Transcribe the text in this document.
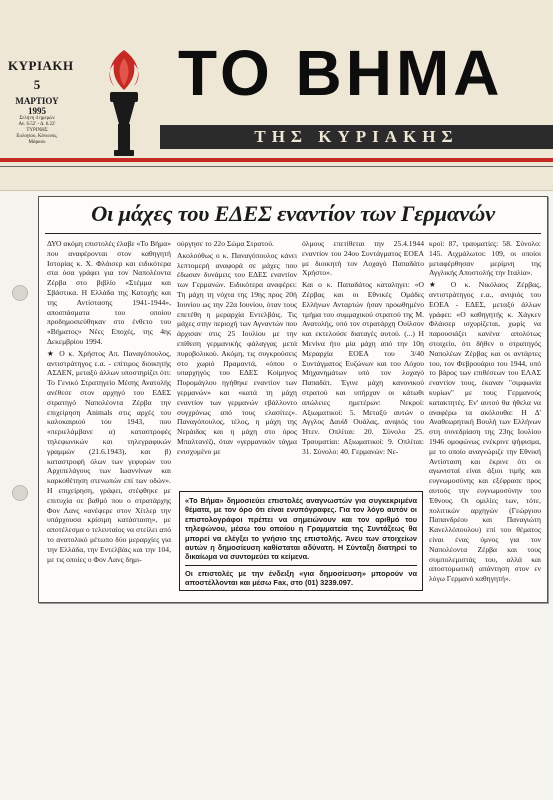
ΚΥΡΙΑΚΗ
5
ΜΑΡΤΙΟΥ 1995
Σελήνη 4 ημερών
Αν. 6.52' - Δ. 6.22'
ΤΥΡΙΝΗΣ
Ευλογίου, Κόνωνος, Μάρκου
ΤΟ ΒΗΜΑ
ΤΗΣ ΚΥΡΙΑΚΗΣ
Οι μάχες του ΕΔΕΣ εναντίον των Γερμανών

ΔΥΟ ακόμη επιστολές έλαβε «Το Βήμα» που αναφέρονται στον καθηγητή Ιστορίας κ. Χ. Φλάισερ και ειδικότερα στα όσα γράφει για τον Ναπολέοντα Ζέρβα στο βιβλίο «Στέμμα και Σβάστικα. Η Ελλάδα της Κατοχής και της Αντίστασης 1941-1944», αποσπάσματα του οποίου προδημοσιεύθηκαν στο ένθετο του «Βήματος» Νέες Εποχές, της 4ης Δεκεμβρίου 1994.

★ Ο κ. Χρήστος Απ. Παναγόπουλος, αντιστράτηγος ε.α. - επίτιμος διοικητής ΑΣΔΕΝ, μεταξύ άλλων υποστηρίζει ότι: Το Γενικό Στρατηγείο Μέσης Ανατολής ανέθεσε στον αρχηγό του ΕΔΕΣ στρατηγό Ναπολέοντα Ζέρβα την επιχείρηση Animals στις αρχές του καλοκαιριού του 1943, που «περιελάμβανε α) καταστροφές τηλεφωνικών και τηλεγραφικών γραμμών (21.6.1943), και β) καταστροφή όλων των γεφυρών του Αρχιπελάγους των Ιωαννίνων και καρκοθέτηση στενωπών επί των οδών». Η επιχείρηση, γράφει, στέφθηκε με επιτυχία σε βαθμό που ο στρατάρχης Φον Λανς «ανέφερε στον Χίτλερ την υπάρχουσα κρίσιμη κατάσταση», με αποτέλεσμα ο τελευταίος να στείλει από το ανατολικό μέτωπο δύο μεραρχίες για την Ελλάδα, την Εντελβάις και την 104, με τις οποίες ο Φον Λανς δημι-

ούργησε το 22ο Σώμα Στρατού.

Ακολούθως ο κ. Παναγόπουλος κάνει λεπτομερή αναφορά σε μάχες που έδωσαν δυνάμεις του ΕΔΕΣ εναντίον των Γερμανών. Ειδικότερα αναφέρει: Τη μάχη τη νύχτα της 19ης προς 20ή Ιουνίου ως την 22α Ιουνίου, όταν τους επετέθη η μεραρχία Εντελβάις. Τις μάχες στην περιοχή των Αγναντών που άρχισαν στις 25 Ιουλίου με την επίθεση γερμανικής φάλαγγας μετά πυροβολικού. Ακόμη, τις συγκρούσεις στο χωριό Πραμαντά, «όπου ο υπαρχηγός του ΕΔΕΣ Κοίμηνος Πυρομάγλου ηγήθηκε εναντίον των γερμανών» και «κατά τη μάχη εναντίον των γερμανών εβάλλοντο συγχρόνως από τους ελασίτες». Παναγόπουλος, τέλος, η μάχη της Νεράιδας και η μάχη στο όρος Μπαλτανέζι, όταν «γερμανικόν τάγμα ενισχυμένο με

όλμους επετίθεται την 25.4.1944 εναντίον του 24ου Συντάγματος ΕΟΕΑ με διοικητή τον Λοχαγό Παπαδάτο Χρήστο».

Και ο κ. Παπαδάτος καταληγει: «Ο Ζέρβας και οι Εθνικές Ομάδες Ελλήνων Ανταρτών ήσαν προωθημένο τμήμα του συμμαχικού στρατού της Μ. Ανατολής, υπό τον στρατάρχη Ουίλσον και εκτελούσε διαταγές αυτού. (...) Η Μενίνα ήτο μία μάχη από την 10η Μεραρχία ΕΟΕΑ του 3/40 Συντάγματος Ευζώνων και του Λόχου Μηχανημάτων υπό τον λοχαγό Παπαδάτ. Έγινε μάχη κανονικού στρατού και υπήρχαν οι κάτωθι απώλειες ημετέρων: Νεκροί: Αξιωματικοί: 5. Μεταξύ αυτών ο Αγγλος Δαυίδ Ουάλας, ανιψιός του Ήτεν. Οπλίται: 20. Σύνολο 25. Τραυματίαι: Αξιωματικοί: 9. Οπλίται: 31. Σύνολο: 40. Γερμανών: Νε-

κροί: 87, τραυματίες: 58. Σύνολο: 145. Αιχμάλωτοι: 109, οι οποίοι μεταφέρθησαν μερίμνη της Αγγλικής Αποστολής την Ιταλία».

★ Ο κ. Νικόλαος Ζέρβας, αντιστράτηγος ε.α., ανιψιός του ΕΟΕΑ - ΕΔΕΣ, μεταξύ άλλων γράφει: «Ο καθηγητής κ. Χάγκεν Φλάισερ ισχυρίζεται, χωρίς να παρουσιάζει κανένα απολύτως στοιχείο, ότι δήθεν ο στρατηγός Ναπολέων Ζέρβας και οι αντάρτες του, τον Φεβρουάριο του 1944, υπό το βάρος των επιθέσεων του ΕΛΑΣ εναντίον τους, έκαναν "σιμφωνία κυρίων" με τους Γερμανούς κατακτητές. Εν' αυτού θα ήθελα να αναφέρω τα ακόλουθα: Η Δ' Αναθεωρητική Βουλή των Ελλήνων στη συνεδρίαση της 23ης Ιουλίου 1946 ομοφώνως ενέκρινε ψήφισμα, με το οποίο αναγνώριζε την Εθνική Αντίσταση και έκρινε ότι οι αγωνισταί είναι άξιοι τιμής και ευγνωμοσύνης και εξέφρασε προς αυτούς την ευγνωμοσύνην του Έθνους. Οι ομιλίες των, τότε, πολιτικών αρχηγών (Γεώργιου Παπανδρέου και Παναγιώτη Κανελλόπουλου) επί του θέματος είναι ένας ύμνος για τον Ναπολέοντα Ζέρβα και τους συμπολεμιστάς του, αλλά και αποστομωτική απάντηση στον εν λόγω Γερμανό καθηγητή».

«Το Βήμα» δημοσιεύει επιστολές αναγνωστών για συγκεκριμένα θέματα, με τον όρο ότι είναι ενυπόγραφες. Για τον λόγο αυτόν οι επιστολογράφοι πρέπει να σημειώνουν και τον αριθμό του τηλεφώνου, μέσω του οποίου η Γραμματεία της Συντάξεως θα μπορεί να ελέγξει το γνήσιο της επιστολής. Άνευ των στοιχείων αυτών η δημοσίευση καθίσταται αδύνατη. Η Σύνταξη διατηρεί το δικαίωμα να συντομεύει τα κείμενα.

Οι επιστολές με την ένδειξη «για δημοσίευση» μπορούν να αποστέλλονται και μέσω Fax, στο (01) 3239.097.
